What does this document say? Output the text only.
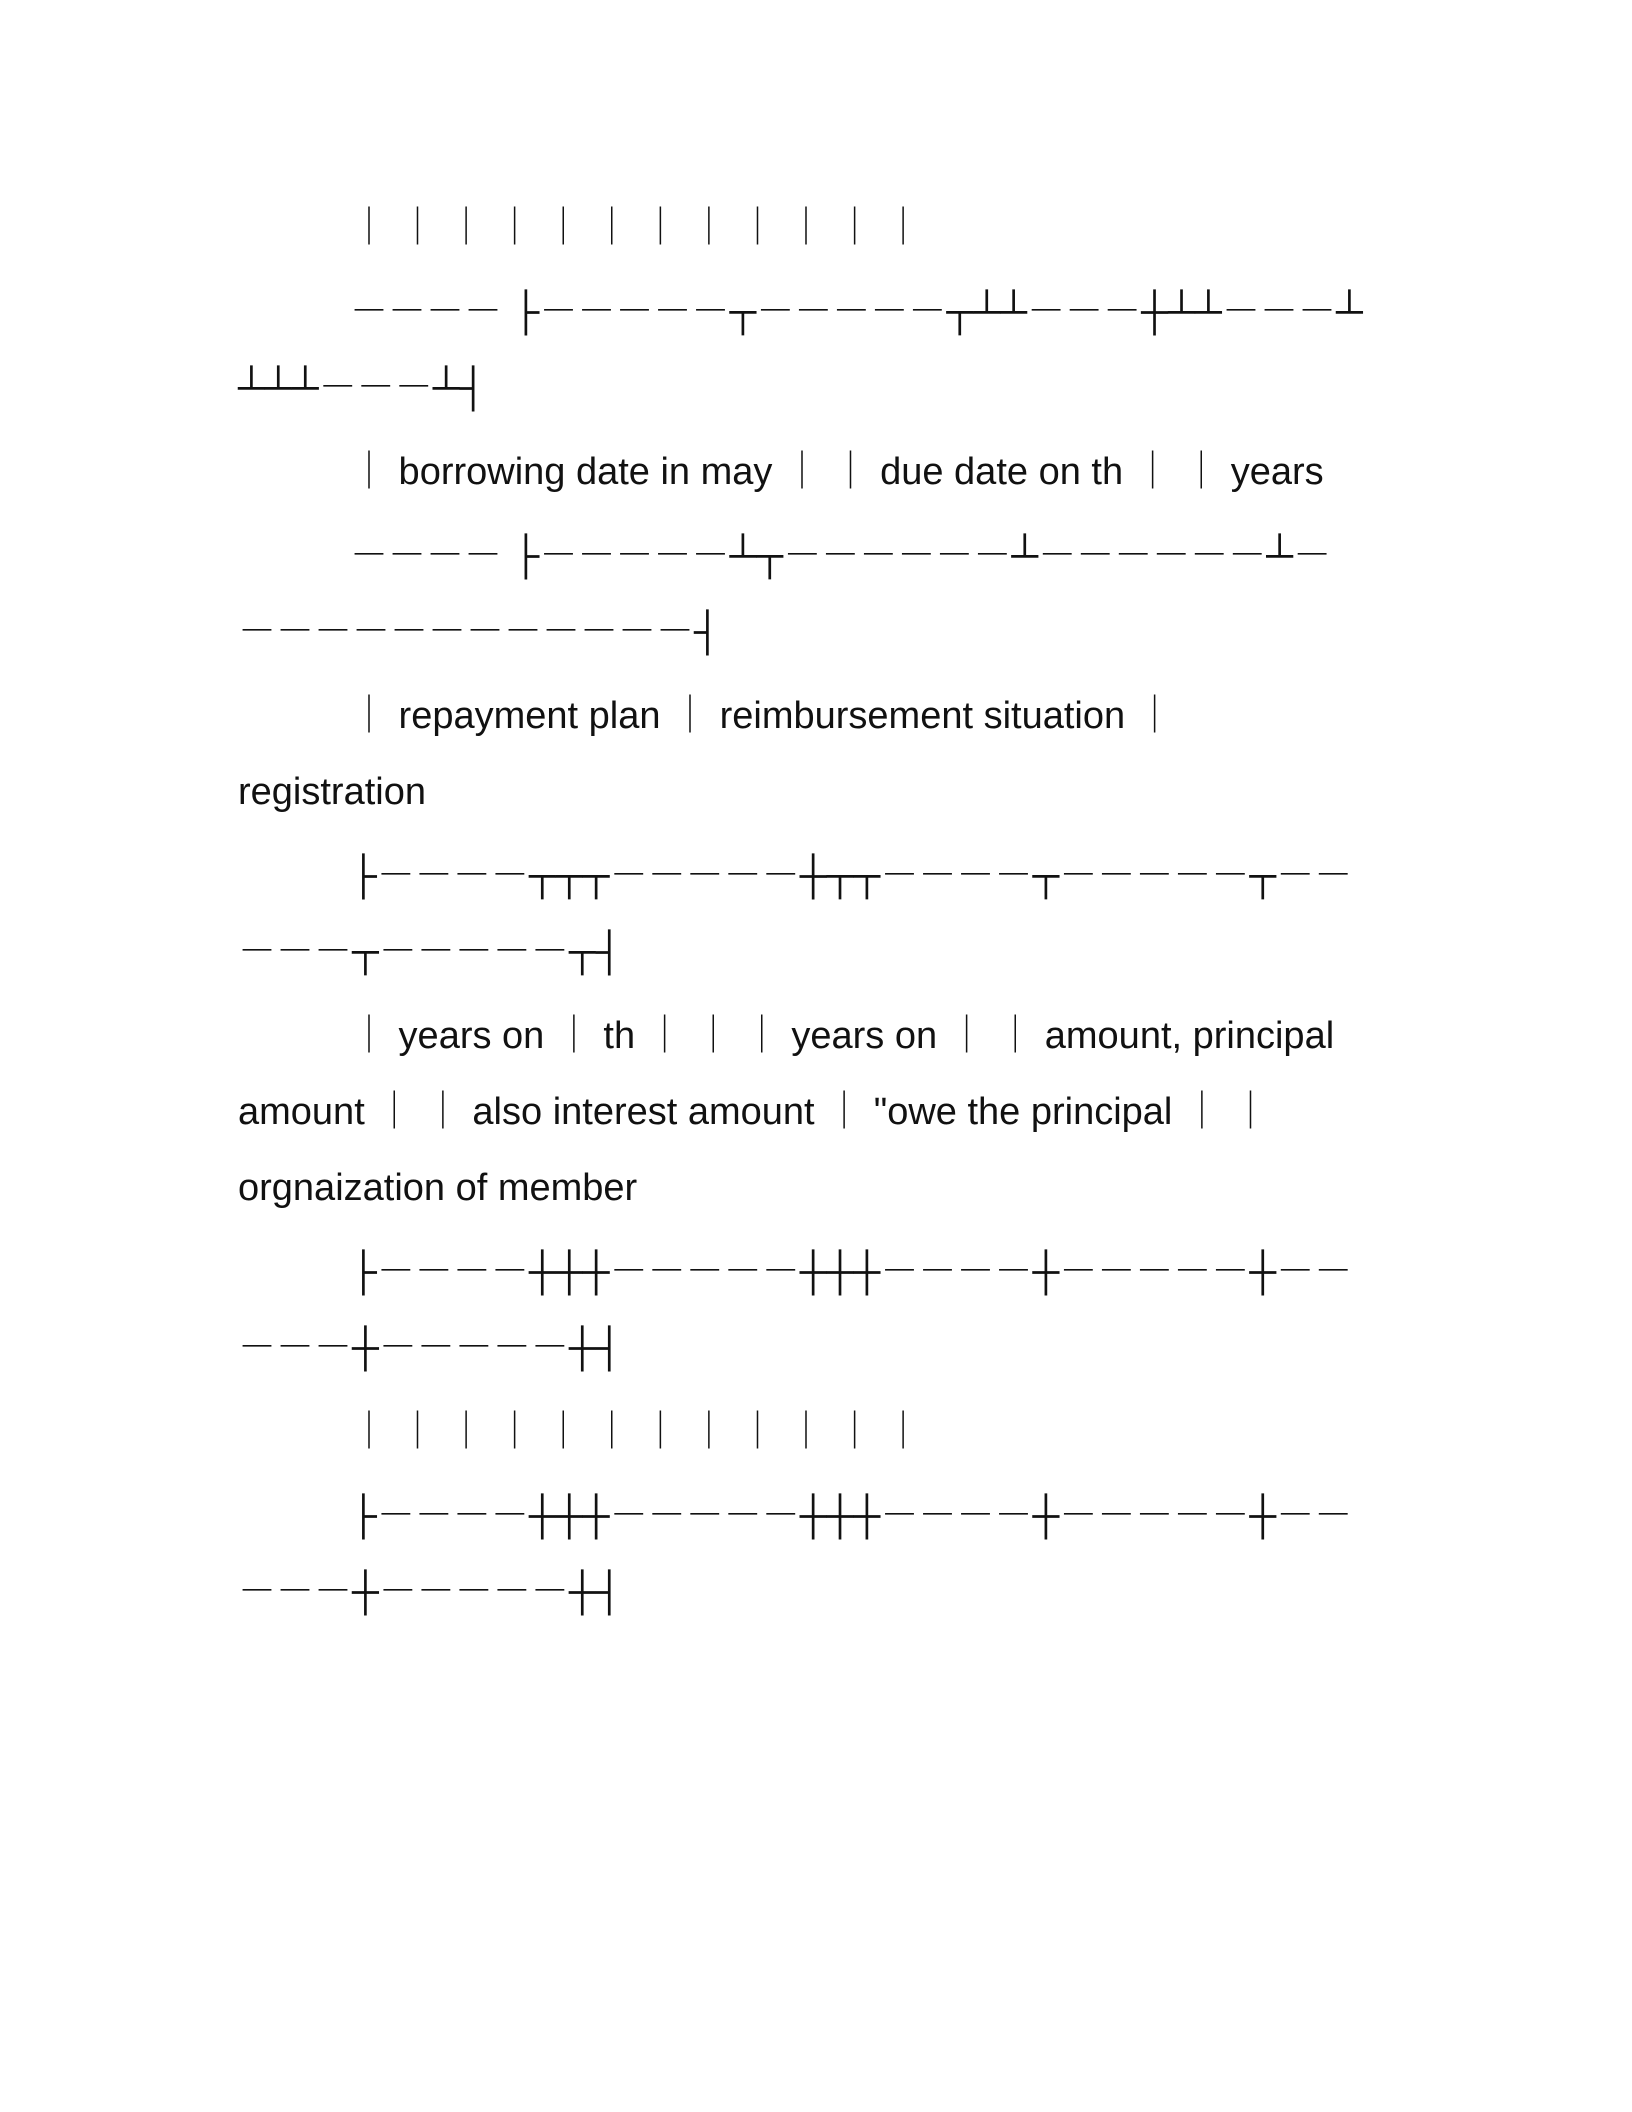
｜ ｜ ｜ ｜ ｜ ｜ ｜ ｜ ｜ ｜ ｜ ｜

－－－－ ├－－－－－┬－－－－－┬┴┴－－－┼┴┴－－－┴┴┴┴－－－┴┤

｜ borrowing date in may ｜ ｜ due date on th ｜ ｜ years

－－－－ ├－－－－－┴┬－－－－－－┴－－－－－－┴－－－－－－－－－－－－－┤

｜ repayment plan ｜ reimbursement situation ｜ registration

├－－－－┬┬┬－－－－－┼┬┬－－－－┬－－－－－┬－－－－－┬－－－－－┬┤

｜ years on ｜ th ｜ ｜ ｜ years on ｜ ｜ amount, principal amount ｜ ｜ also interest amount ｜ "owe the principal ｜ ｜ orgnaization of member

├－－－－┼┼┼－－－－－┼┼┼－－－－┼－－－－－┼－－－－－┼－－－－－┼┤

｜ ｜ ｜ ｜ ｜ ｜ ｜ ｜ ｜ ｜ ｜ ｜

├－－－－┼┼┼－－－－－┼┼┼－－－－┼－－－－－┼－－－－－┼－－－－－┼┤
